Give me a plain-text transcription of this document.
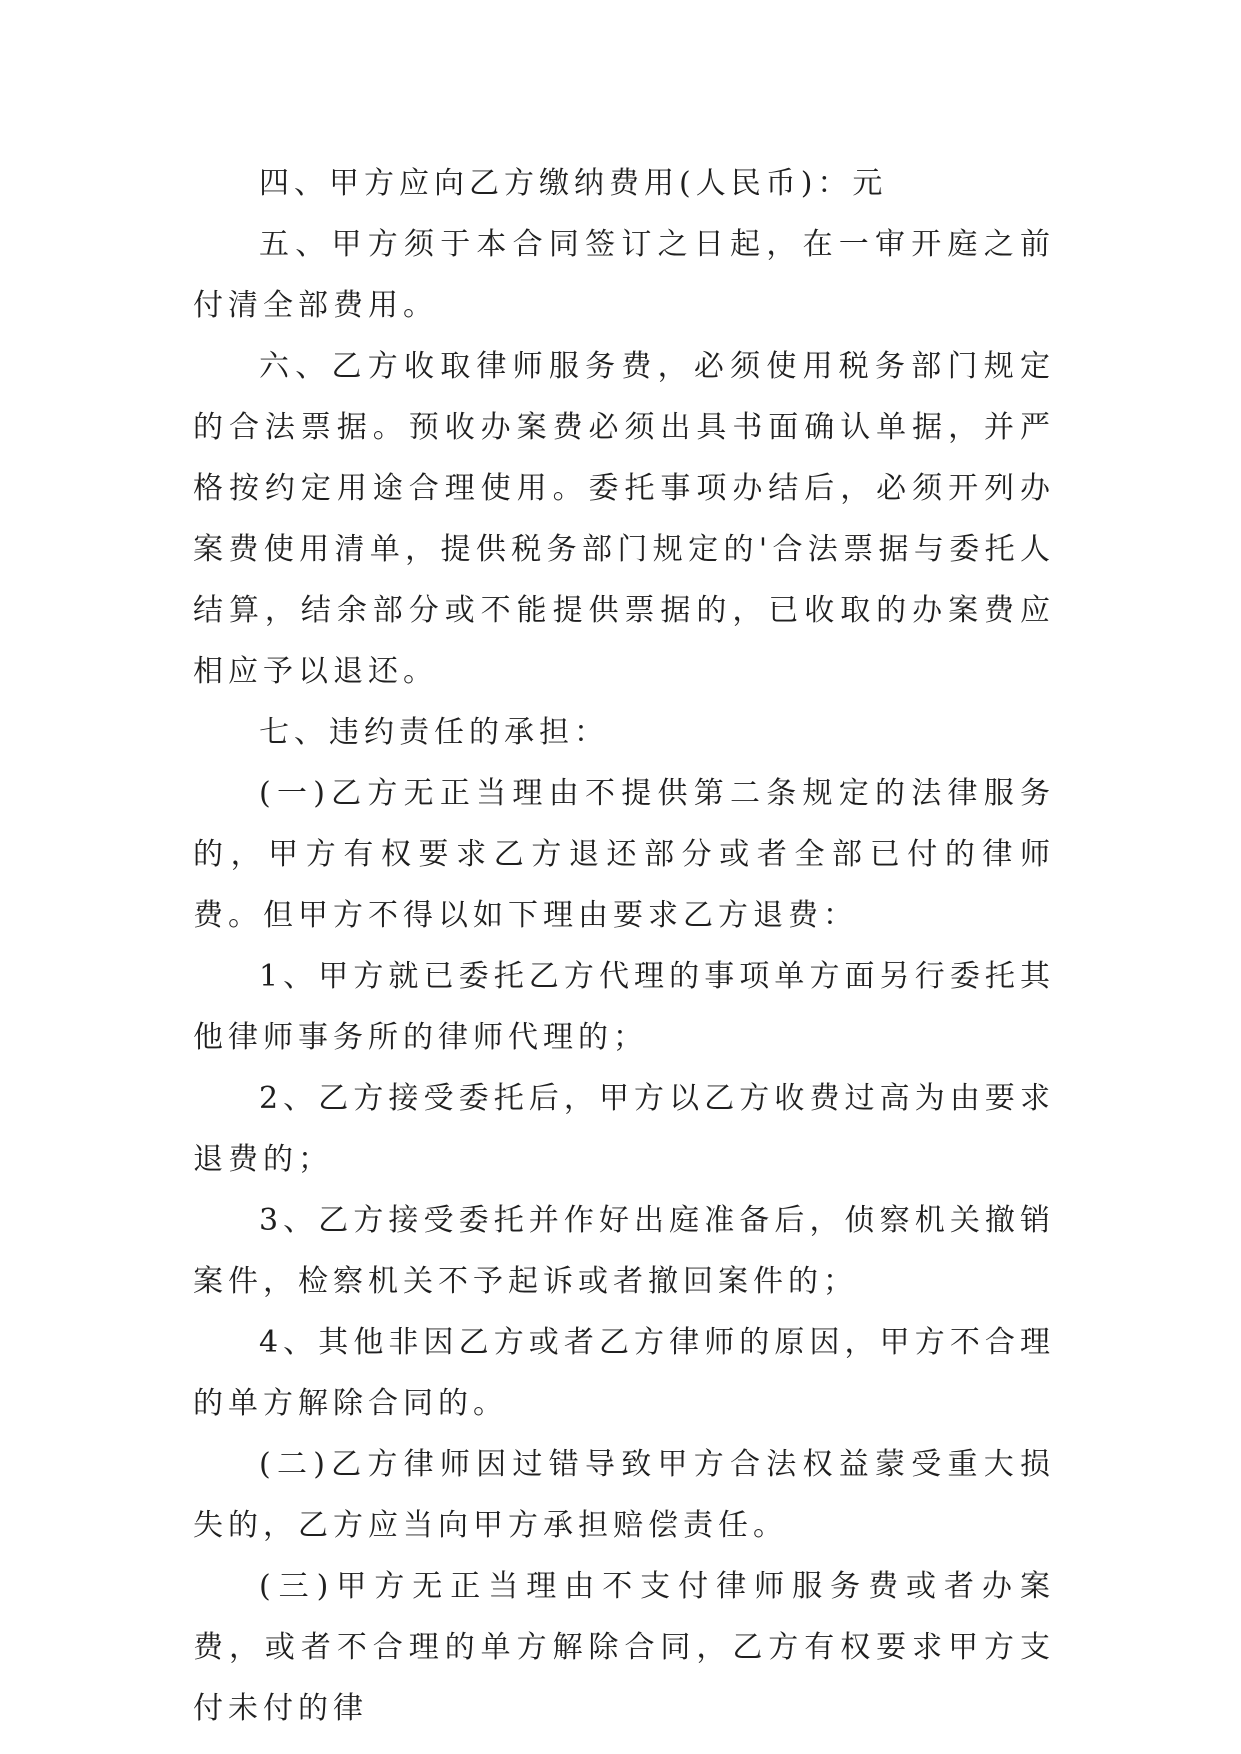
四、甲方应向乙方缴纳费用(人民币)：元

五、甲方须于本合同签订之日起，在一审开庭之前付清全部费用。

六、乙方收取律师服务费，必须使用税务部门规定的合法票据。预收办案费必须出具书面确认单据，并严格按约定用途合理使用。委托事项办结后，必须开列办案费使用清单，提供税务部门规定的'合法票据与委托人结算，结余部分或不能提供票据的，已收取的办案费应相应予以退还。

七、违约责任的承担：

(一)乙方无正当理由不提供第二条规定的法律服务的，甲方有权要求乙方退还部分或者全部已付的律师费。但甲方不得以如下理由要求乙方退费：

1、甲方就已委托乙方代理的事项单方面另行委托其他律师事务所的律师代理的；

2、乙方接受委托后，甲方以乙方收费过高为由要求退费的；

3、乙方接受委托并作好出庭准备后，侦察机关撤销案件，检察机关不予起诉或者撤回案件的；

4、其他非因乙方或者乙方律师的原因，甲方不合理的单方解除合同的。

(二)乙方律师因过错导致甲方合法权益蒙受重大损失的，乙方应当向甲方承担赔偿责任。

(三)甲方无正当理由不支付律师服务费或者办案费，或者不合理的单方解除合同，乙方有权要求甲方支付未付的律
